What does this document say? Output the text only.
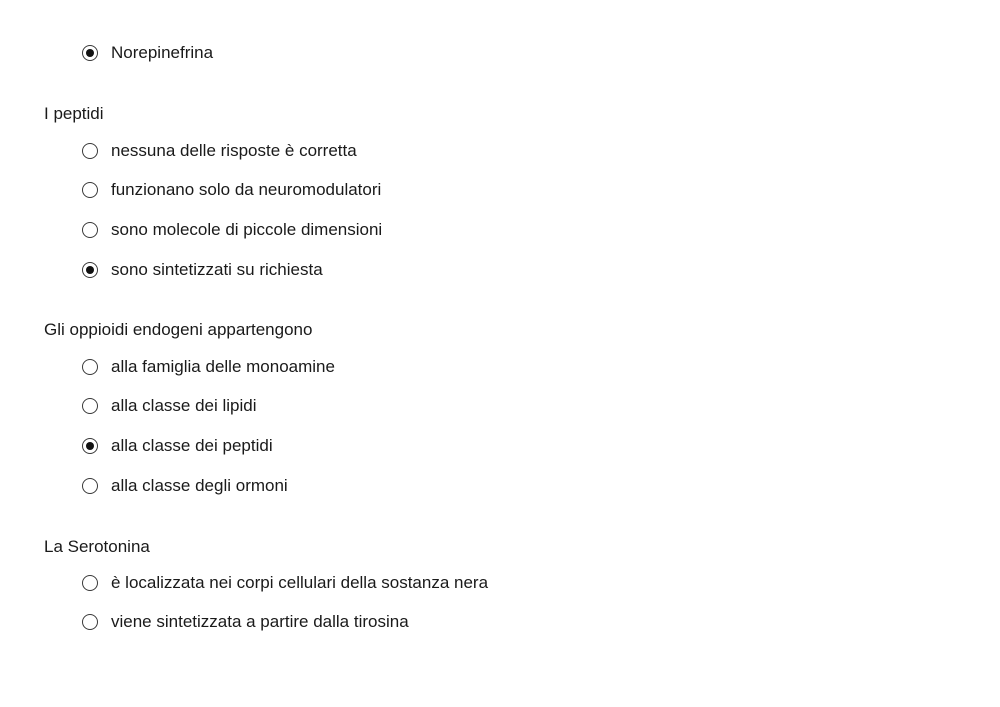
Norepinefrina
I peptidi
nessuna delle risposte è corretta
funzionano solo da neuromodulatori
sono molecole di piccole dimensioni
sono sintetizzati su richiesta
Gli oppioidi endogeni appartengono
alla famiglia delle monoamine
alla classe dei lipidi
alla classe dei peptidi
alla classe degli ormoni
La Serotonina
è localizzata nei corpi cellulari della sostanza nera
viene sintetizzata a partire dalla tirosina
